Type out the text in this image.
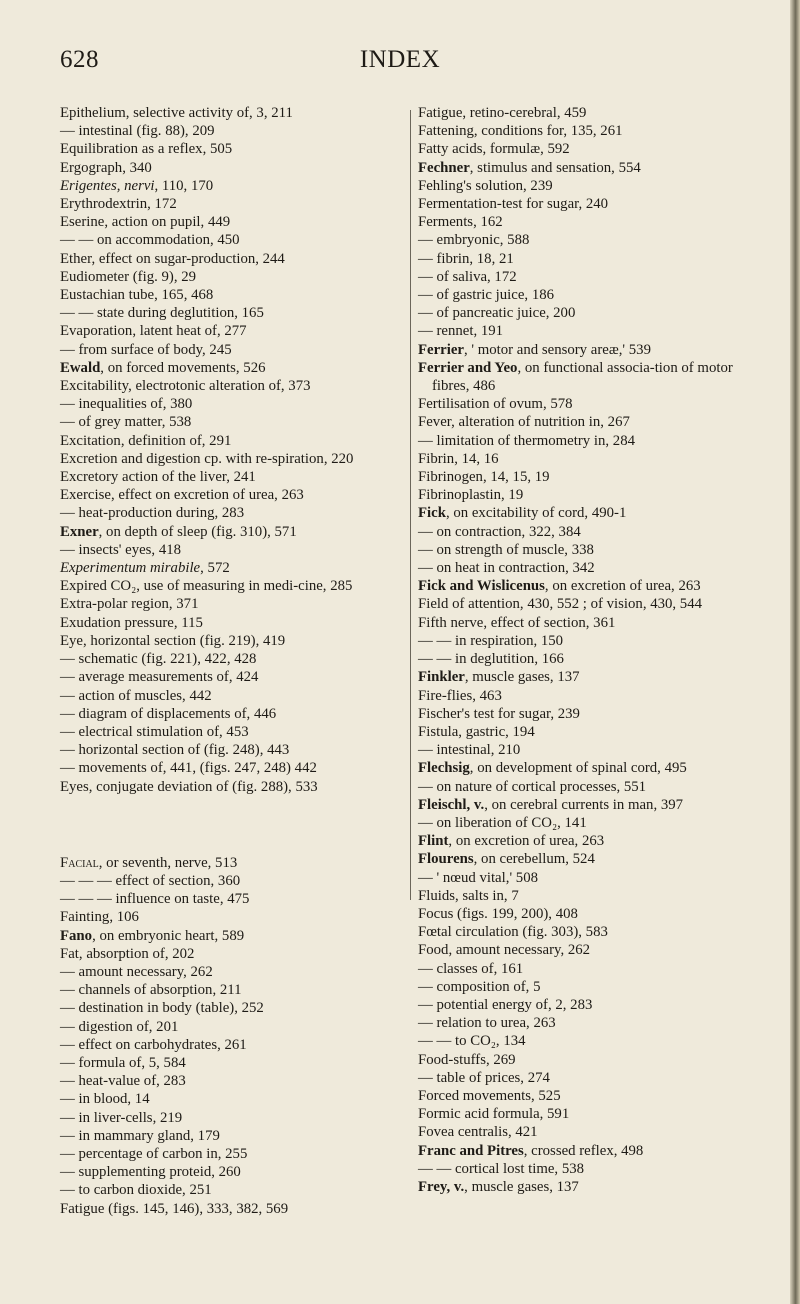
628	INDEX
Epithelium, selective activity of, 3, 211
— intestinal (fig. 88), 209
Equilibration as a reflex, 505
Ergograph, 340
Erigentes, nervi, 110, 170
Erythrodextrin, 172
Eserine, action on pupil, 449
— — on accommodation, 450
Ether, effect on sugar-production, 244
Eudiometer (fig. 9), 29
Eustachian tube, 165, 468
— — state during deglutition, 165
Evaporation, latent heat of, 277
— from surface of body, 245
Ewald, on forced movements, 526
Excitability, electrotonic alteration of, 373
— inequalities of, 380
— of grey matter, 538
Excitation, definition of, 291
Excretion and digestion cp. with re-spiration, 220
Excretory action of the liver, 241
Exercise, effect on excretion of urea, 263
— heat-production during, 283
Exner, on depth of sleep (fig. 310), 571
— insects' eyes, 418
Experimentum mirabile, 572
Expired CO₂, use of measuring in medi-cine, 285
Extra-polar region, 371
Exudation pressure, 115
Eye, horizontal section (fig. 219), 419
— schematic (fig. 221), 422, 428
— average measurements of, 424
— action of muscles, 442
— diagram of displacements of, 446
— electrical stimulation of, 453
— horizontal section of (fig. 248), 443
— movements of, 441, (figs. 247, 248) 442
Eyes, conjugate deviation of (fig. 288), 533
Facial, or seventh, nerve, 513
— — — effect of section, 360
— — — influence on taste, 475
Fainting, 106
Fano, on embryonic heart, 589
Fat, absorption of, 202
— amount necessary, 262
— channels of absorption, 211
— destination in body (table), 252
— digestion of, 201
— effect on carbohydrates, 261
— formula of, 5, 584
— heat-value of, 283
— in blood, 14
— in liver-cells, 219
— in mammary gland, 179
— percentage of carbon in, 255
— supplementing proteid, 260
— to carbon dioxide, 251
Fatigue (figs. 145, 146), 333, 382, 569
Fatigue, retino-cerebral, 459
Fattening, conditions for, 135, 261
Fatty acids, formulæ, 592
Fechner, stimulus and sensation, 554
Fehling's solution, 239
Fermentation-test for sugar, 240
Ferments, 162
— embryonic, 588
— fibrin, 18, 21
— of saliva, 172
— of gastric juice, 186
— of pancreatic juice, 200
— rennet, 191
Ferrier, ' motor and sensory areæ,' 539
Ferrier and Yeo, on functional associa-tion of motor fibres, 486
Fertilisation of ovum, 578
Fever, alteration of nutrition in, 267
— limitation of thermometry in, 284
Fibrin, 14, 16
Fibrinogen, 14, 15, 19
Fibrinoplastin, 19
Fick, on excitability of cord, 490-1
— on contraction, 322, 384
— on strength of muscle, 338
— on heat in contraction, 342
Fick and Wislicenus, on excretion of urea, 263
Field of attention, 430, 552 ; of vision, 430, 544
Fifth nerve, effect of section, 361
— — in respiration, 150
— — in deglutition, 166
Finkler, muscle gases, 137
Fire-flies, 463
Fischer's test for sugar, 239
Fistula, gastric, 194
— intestinal, 210
Flechsig, on development of spinal cord, 495
— on nature of cortical processes, 551
Fleischl, v., on cerebral currents in man, 397
— on liberation of CO₂, 141
Flint, on excretion of urea, 263
Flourens, on cerebellum, 524
— ' nœud vital,' 508
Fluids, salts in, 7
Focus (figs. 199, 200), 408
Fœtal circulation (fig. 303), 583
Food, amount necessary, 262
— classes of, 161
— composition of, 5
— potential energy of, 2, 283
— relation to urea, 263
— — to CO₂, 134
Food-stuffs, 269
— table of prices, 274
Forced movements, 525
Formic acid formula, 591
Fovea centralis, 421
Franc and Pitres, crossed reflex, 498
— — cortical lost time, 538
Frey, v., muscle gases, 137
